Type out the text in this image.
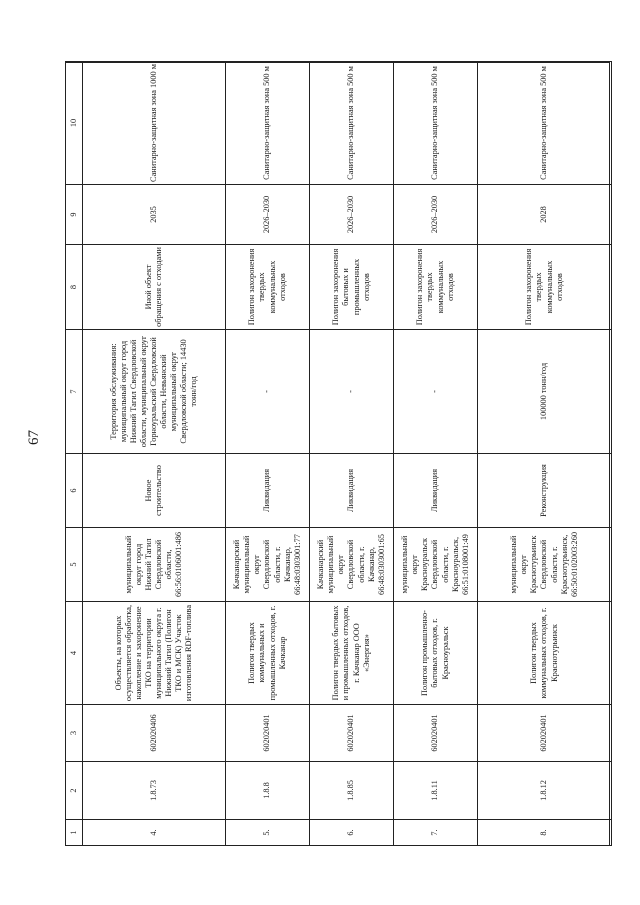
67
1	2	3	4	5	6	7	8	9	10
4.	1.8.73	602020406	Объекты, на которых осуществляется обработка, накопление и захоронение ТКО на территории муниципального округа г. Нижний Тагил (Полигон ТКО и МСК) Участок изготовления RDF-топлива	муниципальный округ город Нижний Тагил Свердловской области, 66:56:0106001:486	Новое строительство	Территория обслуживания: муниципальный округ город Нижний Тагил Свердловской области, муниципальный округ Горноуральский Свердловской области, Невьянский муниципальный округ Свердловской области; 14430 тонн/год	Иной объект обращения с отходами	2035	Санитарно-защитная зона 1000 м
5.	1.8.8	602020401	Полигон твердых коммунальных и промышленных отходов, г. Качканар	Качканарский муниципальный округ Свердловской области, г. Качканар, 66:48:0303001:77	Ликвидация	-	Полигон захоронения твердых коммунальных отходов	2026–2030	Санитарно-защитная зона 500 м
6.	1.8.85	602020401	Полигон твердых бытовых и промышленных отходов, г. Качканар ООО «Энергия»	Качканарский муниципальный округ Свердловской области, г. Качканар, 66:48:0303001:65	Ликвидация	-	Полигон захоронения бытовых и промышленных отходов	2026–2030	Санитарно-защитная зона 500 м
7.	1.8.11	602020401	Полигон промышленно-бытовых отходов, г. Красноуральск	муниципальный округ Красноуральск Свердловской области, г. Красноуральск, 66:51:0108001:49	Ликвидация	-	Полигон захоронения твердых коммунальных отходов	2026–2030	Санитарно-защитная зона 500 м
8.	1.8.12	602020401	Полигон твердых коммунальных отходов, г. Краснотурьинск	муниципальный округ Краснотурьинск Свердловской области, г. Краснотурьинск, 66:50:0102003:260	Реконструкция	100000 тонн/год	Полигон захоронения твердых коммунальных отходов	2028	Санитарно-защитная зона 500 м
